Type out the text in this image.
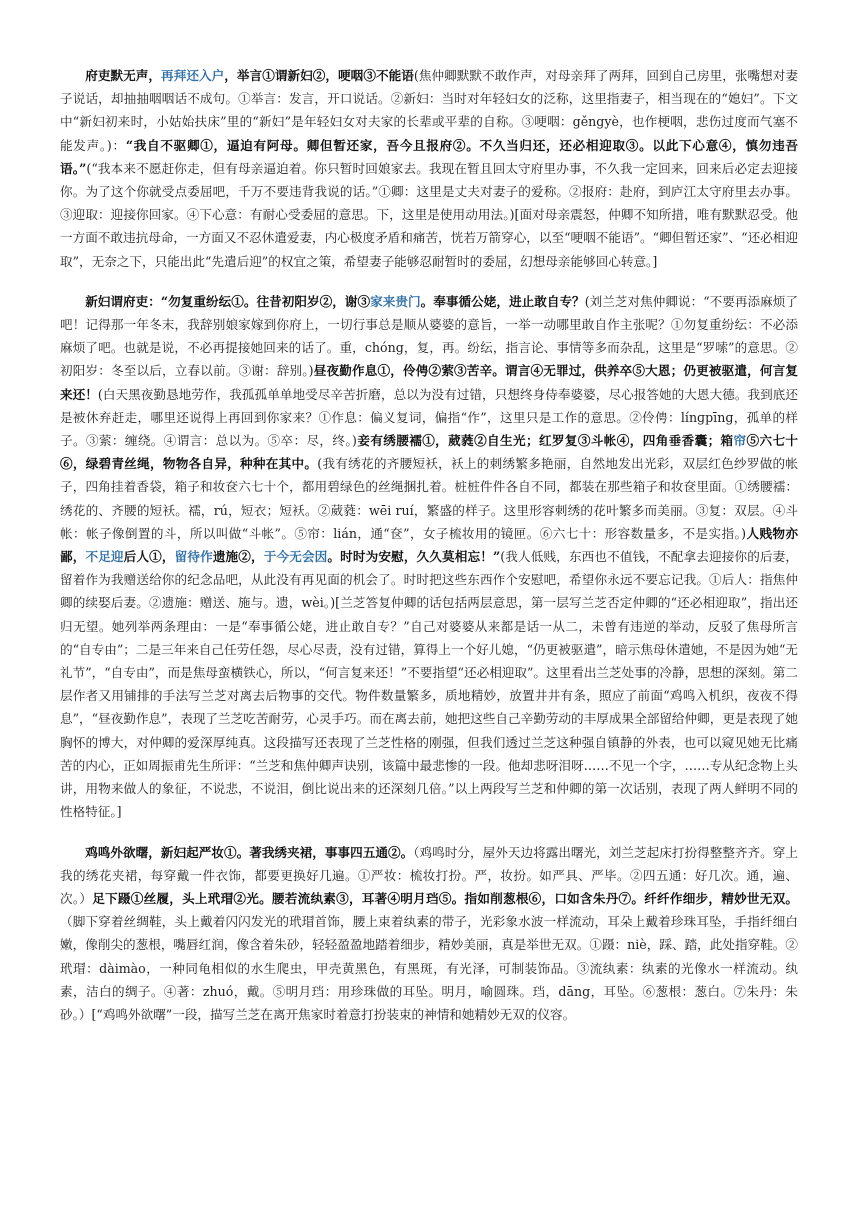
府吏默无声，再拜还入户，举言①谓新妇②，哽咽③不能语(焦仲卿默默不敢作声，对母亲拜了两拜，回到自己房里，张嘴想对妻子说话，却抽抽咽咽话不成句。①举言：发言，开口说话。②新妇：当时对年轻妇女的泛称，这里指妻子，相当现在的“媳妇”。下文中“新妇初来时，小姑始扶床”里的“新妇”是年轻妇女对夫家的长辈或平辈的自称。③哽咽：gěngyè，也作梗咽，悲伤过度而气塞不能发声。)：“我自不驱卿①，逼迫有阿母。卿但暂还家，吾今且报府②。不久当归还，还必相迎取③。以此下心意④，慎勿违吾语。”(“我本来不愿赶你走，但有母亲逼迫着。你只暂时回娘家去。我现在暂且回太守府里办事，不久我一定回来，回来后必定去迎接你。为了这个你就受点委屈吧，千万不要违背我说的话。”①卿：这里是丈夫对妻子的爱称。②报府：赴府，到庐江太守府里去办事。③迎取：迎接你回家。④下心意：有耐心受委屈的意思。下，这里是使用动用法。)[面对母亲震怒，仲卿不知所措，唯有默默忍受。他一方面不敢违抗母命，一方面又不忍休遣爱妻，内心极度矛盾和痛苦，恍若万箭穿心，以至“哽咽不能语”。“卿但暂还家”、“还必相迎取”，无奈之下，只能出此“先遣后迎”的权宜之策，希望妻子能够忍耐暂时的委屈，幻想母亲能够回心转意。]

新妇谓府吏：“勿复重纷纭①。往昔初阳岁②，谢③家来贵门。奉事循公姥，进止敢自专？(刘兰芝对焦仲卿说：“不要再添麻烦了吧！记得那一年冬末，我辞别娘家嫁到你府上，一切行事总是顺从婆婆的意旨，一举一动哪里敢自作主张呢？①勿复重纷纭：不必添麻烦了吧。也就是说，不必再提接她回来的话了。重，chóng，复，再。纷纭，指言论、事情等多而杂乱，这里是“罗嗦”的意思。②初阳岁：冬至以后，立春以前。③谢：辞别。)昼夜勤作息①，伶俜②萦③苦辛。谓言④无罪过，供养卒⑤大恩；仍更被驱遣，何言复来还！(白天黑夜勤恳地劳作，我孤孤单单地受尽辛苦折磨，总以为没有过错，只想终身侍奉婆婆，尽心报答她的大恩大德。我到底还是被休弃赶走，哪里还说得上再回到你家来？①作息：偏义复词，偏指“作”，这里只是工作的意思。②伶俜：línɡpīnɡ，孤单的样子。③萦：缠绕。④谓言：总以为。⑤卒：尽，终。)妾有绣腰襦①，葳蕤②自生光；红罗复③斗帐④，四角垂香囊；箱帘⑤六七十⑥，绿碧青丝绳，物物各自异，种种在其中。(我有绣花的齐腰短袄，袄上的刺绣繁多艳丽，自然地发出光彩，双层红色纱罗做的帐子，四角挂着香袋，箱子和妆奁六七十个，都用碧绿色的丝绳捆扎着。桩桩件件各自不同，都装在那些箱子和妆奁里面。①绣腰襦：绣花的、齐腰的短袄。襦，rú，短衣；短袄。②葳蕤：wēi ruí，繁盛的样子。这里形容刺绣的花叶繁多而美丽。③复：双层。④斗帐：帐子像倒置的斗，所以叫做“斗帐”。⑤帘：lián，通“奁”，女子梳妆用的镜匣。⑥六七十：形容数量多，不是实指。)人贱物亦鄙，不足迎后人①，留待作遗施②，于今无会因。时时为安慰，久久莫相忘！”(我人低贱，东西也不值钱，不配拿去迎接你的后妻，留着作为我赠送给你的纪念品吧，从此没有再见面的机会了。时时把这些东西作个安慰吧，希望你永远不要忘记我。①后人：指焦仲卿的续娶后妻。②遗施：赠送、施与。遗，wèi。)[兰芝答复仲卿的话包括两层意思，第一层写兰芝否定仲卿的“还必相迎取”，指出还归无望。她列举两条理由：一是“奉事循公姥，进止敢自专？”自己对婆婆从来都是话一从二，未曾有违逆的举动，反驳了焦母所言的“自专由”；二是三年来自己任劳任怨，尽心尽责，没有过错，算得上一个好儿媳，“仍更被驱遣”，暗示焦母休遣她，不是因为她“无礼节”，“自专由”，而是焦母蛮横铁心，所以，“何言复来还！”不要指望“还必相迎取”。这里看出兰芝处事的冷静，思想的深刻。第二层作者又用铺排的手法写兰芝对离去后物事的交代。物件数量繁多，质地精妙，放置井井有条，照应了前面“鸡鸣入机织，夜夜不得息”，“昼夜勤作息”，表现了兰芝吃苦耐劳，心灵手巧。而在离去前，她把这些自己辛勤劳动的丰厚成果全部留给仲卿，更是表现了她胸怀的博大，对仲卿的爱深厚纯真。这段描写还表现了兰芝性格的刚强，但我们透过兰芝这种强自镇静的外表，也可以窥见她无比痛苦的内心，正如周振甫先生所评：“兰芝和焦仲卿声诀别，该篇中最悲惨的一段。他却悲呀泪呀……不见一个字，……专从纪念物上头讲，用物来做人的象征，不说悲，不说泪，倒比说出来的还深刻几倍。”以上两段写兰芝和仲卿的第一次话别，表现了两人鲜明不同的性格特征。]

鸡鸣外欲曙，新妇起严妆①。著我绣夹裙，事事四五通②。（鸡鸣时分，屋外天边将露出曙光，刘兰芝起床打扮得整整齐齐。穿上我的绣花夹裙，每穿戴一件衣饰，都要更换好几遍。①严妆：梳妆打扮。严，妆扮。如严具、严毕。②四五通：好几次。通，遍、次。）足下蹑①丝履，头上玳瑁②光。腰若流纨素③，耳著④明月珰⑤。指如削葱根⑥，口如含朱丹⑦。纤纤作细步，精妙世无双。（脚下穿着丝绸鞋，头上戴着闪闪发光的玳瑁首饰，腰上束着纨素的带子，光彩象水波一样流动，耳朵上戴着珍珠耳坠，手指纤细白嫩，像削尖的葱根，嘴唇红润，像含着朱砂，轻轻盈盈地踏着细步，精妙美丽，真是举世无双。①蹑：niè，踩、踏，此处指穿鞋。②玳瑁：dàimào，一种同龟相似的水生爬虫，甲壳黄黑色，有黑斑，有光泽，可制装饰品。③流纨素：纨素的光像水一样流动。纨素，洁白的绸子。④著：zhuó，戴。⑤明月珰：用珍珠做的耳坠。明月，喻圆珠。珰，dāng，耳坠。⑥葱根：葱白。⑦朱丹：朱砂。）[“鸡鸣外欲曙”一段，描写兰芝在离开焦家时着意打扮装束的神情和她精妙无双的仪容。
